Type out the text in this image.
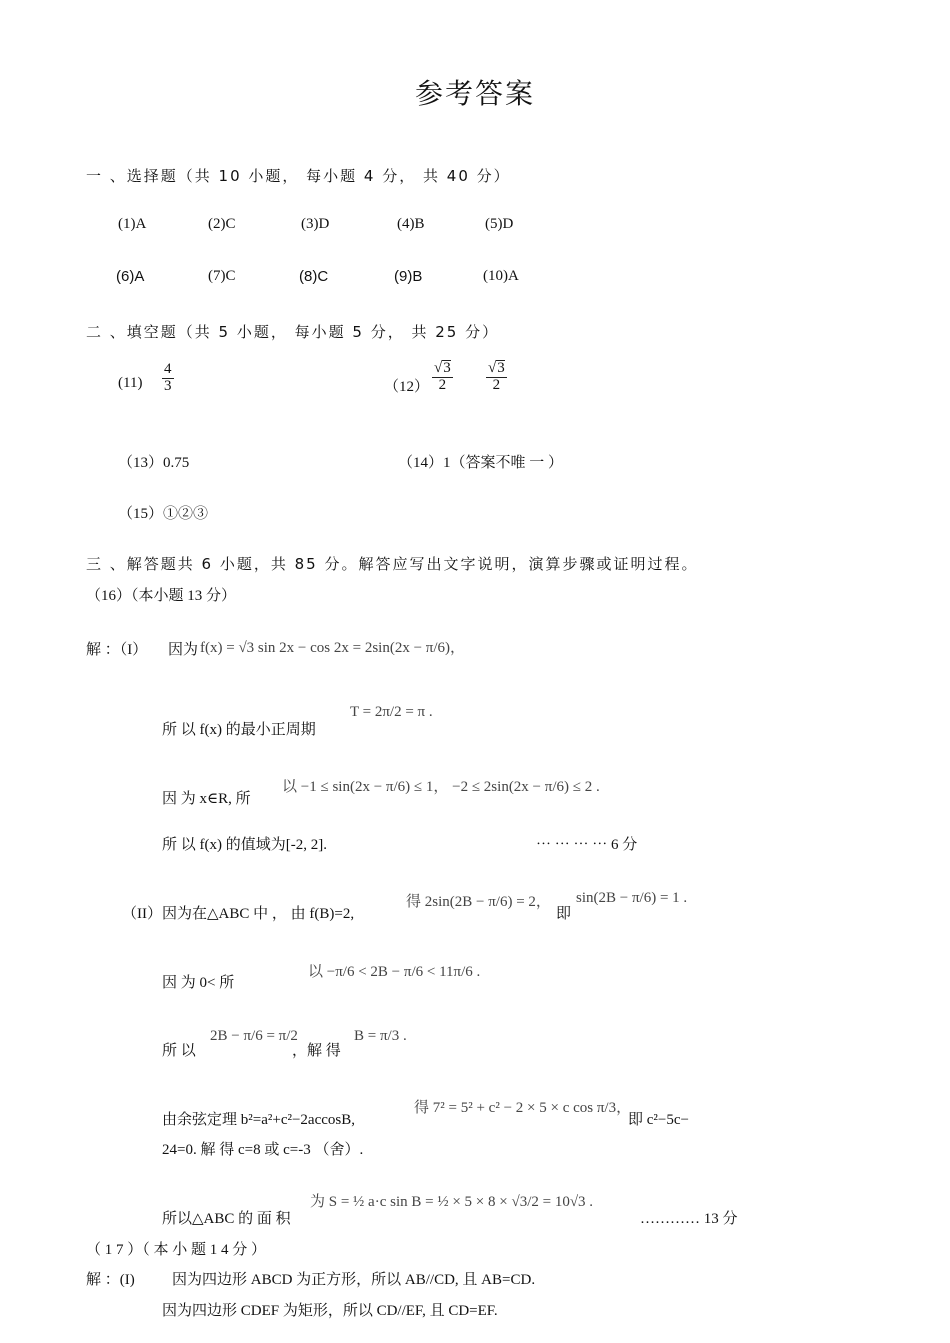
参考答案
一 、选择题（共 10 小题， 每小题 4 分， 共 40 分）
(1)A	(2)C	(3)D	(4)B	(5)D
(6)A	(7)C	(8)C	(9)B	(10)A
二 、填空题（共 5 小题， 每小题 5 分， 共 25 分）
$(11) \frac{4}{3}$	$(12) \frac{√3}{2} \frac{√3}{2}$
（13）0.75	（14）1（答案不唯 一 ）
（15）①②③
三 、解答题共 6 小题，共 85 分。解答应写出文字说明，演算步骤或证明过程。
（16）（本小题 13 分）
解 ：（I） 因为 f(x) = √3 sin 2x − cos 2x = 2sin(2x − π/6)，
所 以 f(x) 的最小正周期
T = 2π/2 = π .
因 为 x∈R, 所
以 −1 ≤ sin(2x − π/6) ≤ 1， −2 ≤ 2sin(2x − π/6) ≤ 2 .
所 以 f(x) 的值域为[-2, 2].	⋯ ⋯ ⋯ ⋯ 6 分
（II）因为在△ABC 中 ， 由 f(B)=2,
得 2sin(2B − π/6) = 2，
即
sin(2B − π/6) = 1 .
因 为 0< 所
以 −π/6 < 2B − π/6 < 11π/6 .
所 以
2B − π/6 = π/2
，解 得
B = π/3 .
由余弦定理 b²=a²+c²−2accosB,
得 7² = 5² + c² − 2 × 5 × c cos π/3，
即 c²−5c−
24=0. 解 得 c=8 或 c=-3 （舍）.
所以△ABC 的 面 积
为 S = ½ a·c sin B = ½ × 5 × 8 × √3/2 = 10√3 .
………… 13 分
（ 1 7 ）（ 本 小 题 1 4 分 ）
解 ：(I) 因为四边形 ABCD 为正方形，所以 AB//CD, 且 AB=CD.
因为四边形 CDEF 为矩形，所以 CD//EF, 且 CD=EF.
